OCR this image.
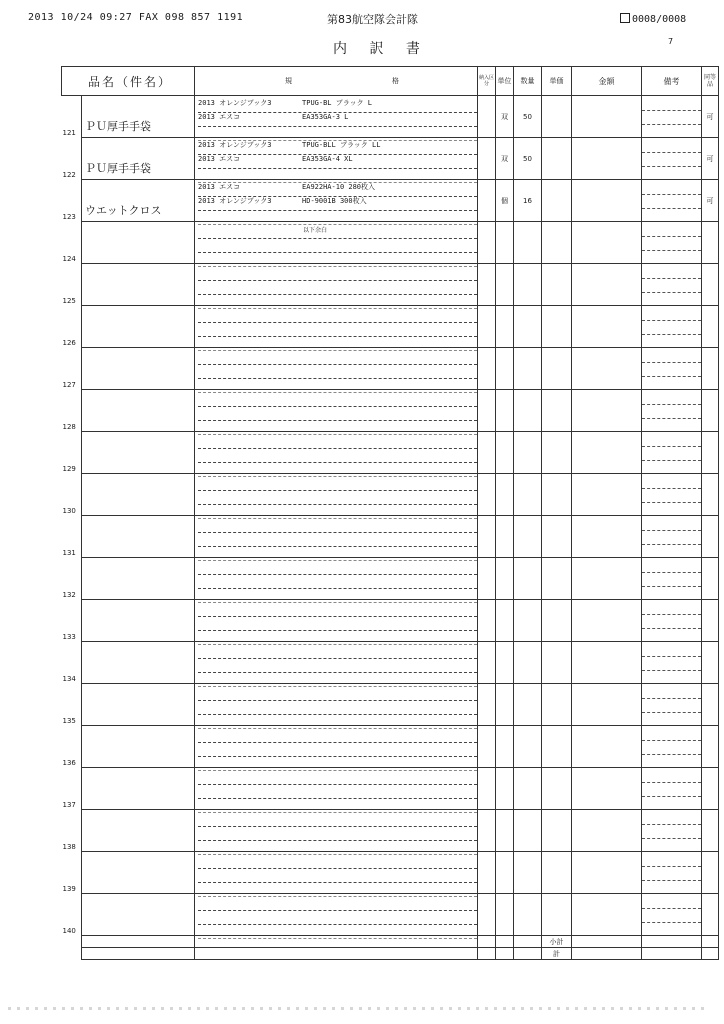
2013 10/24 09:27 FAX 098 857 1191	第83航空隊会計隊	0008/0008
内 訳 書	7
品名（件名）		規 格	納入区分	単位	数量	単価	金額	備考	同等品

121	ＰＵ厚手手袋	2013 オレンジブック3 TPUG-BL ブラック L
2013 エスコ EA353GA-3 L		双	50				可

122	ＰＵ厚手手袋	2013 オレンジブック3 TPUG-BLL ブラック LL
2013 エスコ EA353GA-4 XL		双	50				可

123	ウエットクロス	2013 エスコ EA922HA-10 280枚入
2013 オレンジブック3 HD-9001B 300枚入		個	16				可

124		以下余白							

125									

126									

127									

128									

129									

130									

131									

132									

133									

134									

135									

136									

137									

138									

139									

140									

						小計			
						計			
